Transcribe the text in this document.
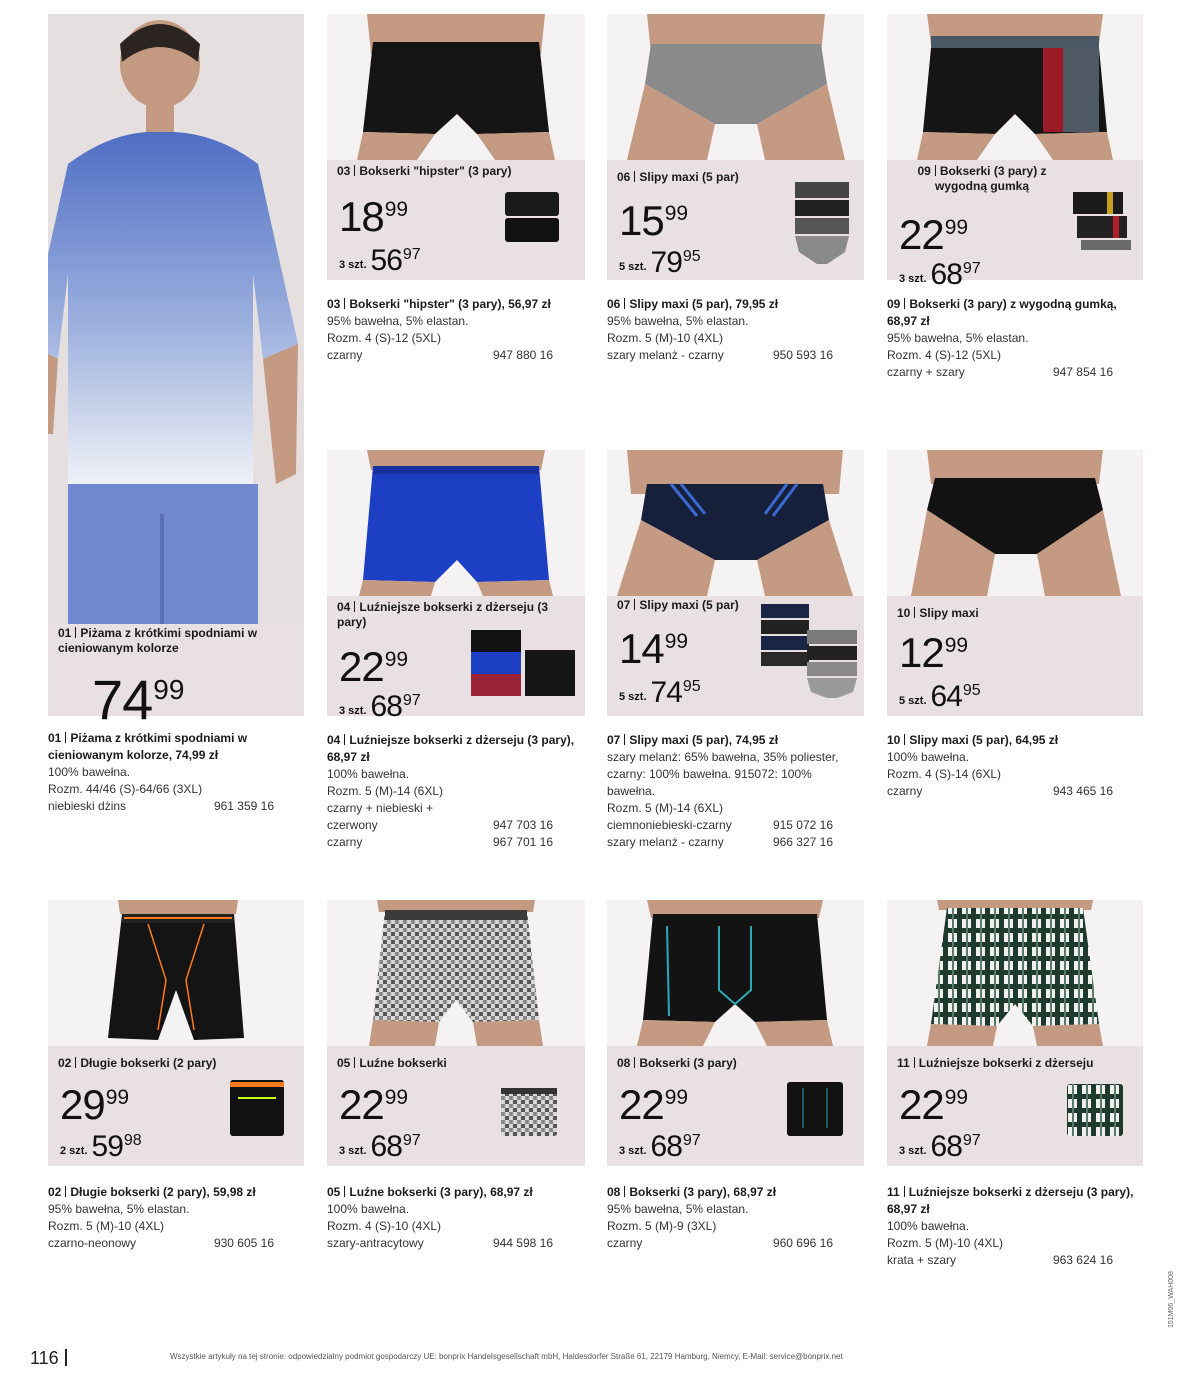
01 Piżama z krótkimi spodniami w cieniowanym kolorze
$74^{99}$
01 Piżama z krótkimi spodniami w cieniowanym kolorze, 74,99 zł
100% bawełna.
Rozm. 44/46 (S)-64/66 (3XL)
niebieski dżins	961 359 16
03 Bokserki "hipster" (3 pary)
$18^{99}$
3 szt. $56^{97}$
03 Bokserki "hipster" (3 pary), 56,97 zł
95% bawełna, 5% elastan.
Rozm. 4 (S)-12 (5XL)
czarny	947 880 16
06 Slipy maxi (5 par)
$15^{99}$
5 szt. $79^{95}$
06 Slipy maxi (5 par), 79,95 zł
95% bawełna, 5% elastan.
Rozm. 5 (M)-10 (4XL)
szary melanż - czarny	950 593 16
09 Bokserki (3 pary) z wygodną gumką
$22^{99}$
3 szt. $68^{97}$
09 Bokserki (3 pary) z wygodną gumką, 68,97 zł
95% bawełna, 5% elastan.
Rozm. 4 (S)-12 (5XL)
czarny + szary	947 854 16
04 Luźniejsze bokserki z dżerseju (3 pary)
$22^{99}$
3 szt. $68^{97}$
04 Luźniejsze bokserki z dżerseju (3 pary), 68,97 zł
100% bawełna.
Rozm. 5 (M)-14 (6XL)
czarny + niebieski + czerwony	947 703 16
czarny	967 701 16
07 Slipy maxi (5 par)
$14^{99}$
5 szt. $74^{95}$
07 Slipy maxi (5 par), 74,95 zł
szary melanż: 65% bawełna, 35% poliester, czarny: 100% bawełna. 915072: 100% bawełna.
Rozm. 5 (M)-14 (6XL)
ciemnoniebieski-czarny	915 072 16
szary melanż - czarny	966 327 16
10 Slipy maxi
$12^{99}$
5 szt. $64^{95}$
10 Slipy maxi (5 par), 64,95 zł
100% bawełna.
Rozm. 4 (S)-14 (6XL)
czarny	943 465 16
02 Długie bokserki (2 pary)
$29^{99}$
2 szt. $59^{98}$
02 Długie bokserki (2 pary), 59,98 zł
95% bawełna, 5% elastan.
Rozm. 5 (M)-10 (4XL)
czarno-neonowy	930 605 16
05 Luźne bokserki
$22^{99}$
3 szt. $68^{97}$
05 Luźne bokserki (3 pary), 68,97 zł
100% bawełna.
Rozm. 4 (S)-10 (4XL)
szary-antracytowy	944 598 16
08 Bokserki (3 pary)
$22^{99}$
3 szt. $68^{97}$
08 Bokserki (3 pary), 68,97 zł
95% bawełna, 5% elastan.
Rozm. 5 (M)-9 (3XL)
czarny	960 696 16
11 Luźniejsze bokserki z dżerseju
$22^{99}$
3 szt. $68^{97}$
11 Luźniejsze bokserki z dżerseju (3 pary), 68,97 zł
100% bawełna.
Rozm. 5 (M)-10 (4XL)
krata + szary	963 624 16
116	Wszystkie artykuły na tej stronie: odpowiedzialny podmiot gospodarczy UE: bonprix Handelsgesellschaft mbH, Haldesdorfer Straße 61, 22179 Hamburg, Niemcy, E-Mail: service@bonprix.net
151M06_WAH008
